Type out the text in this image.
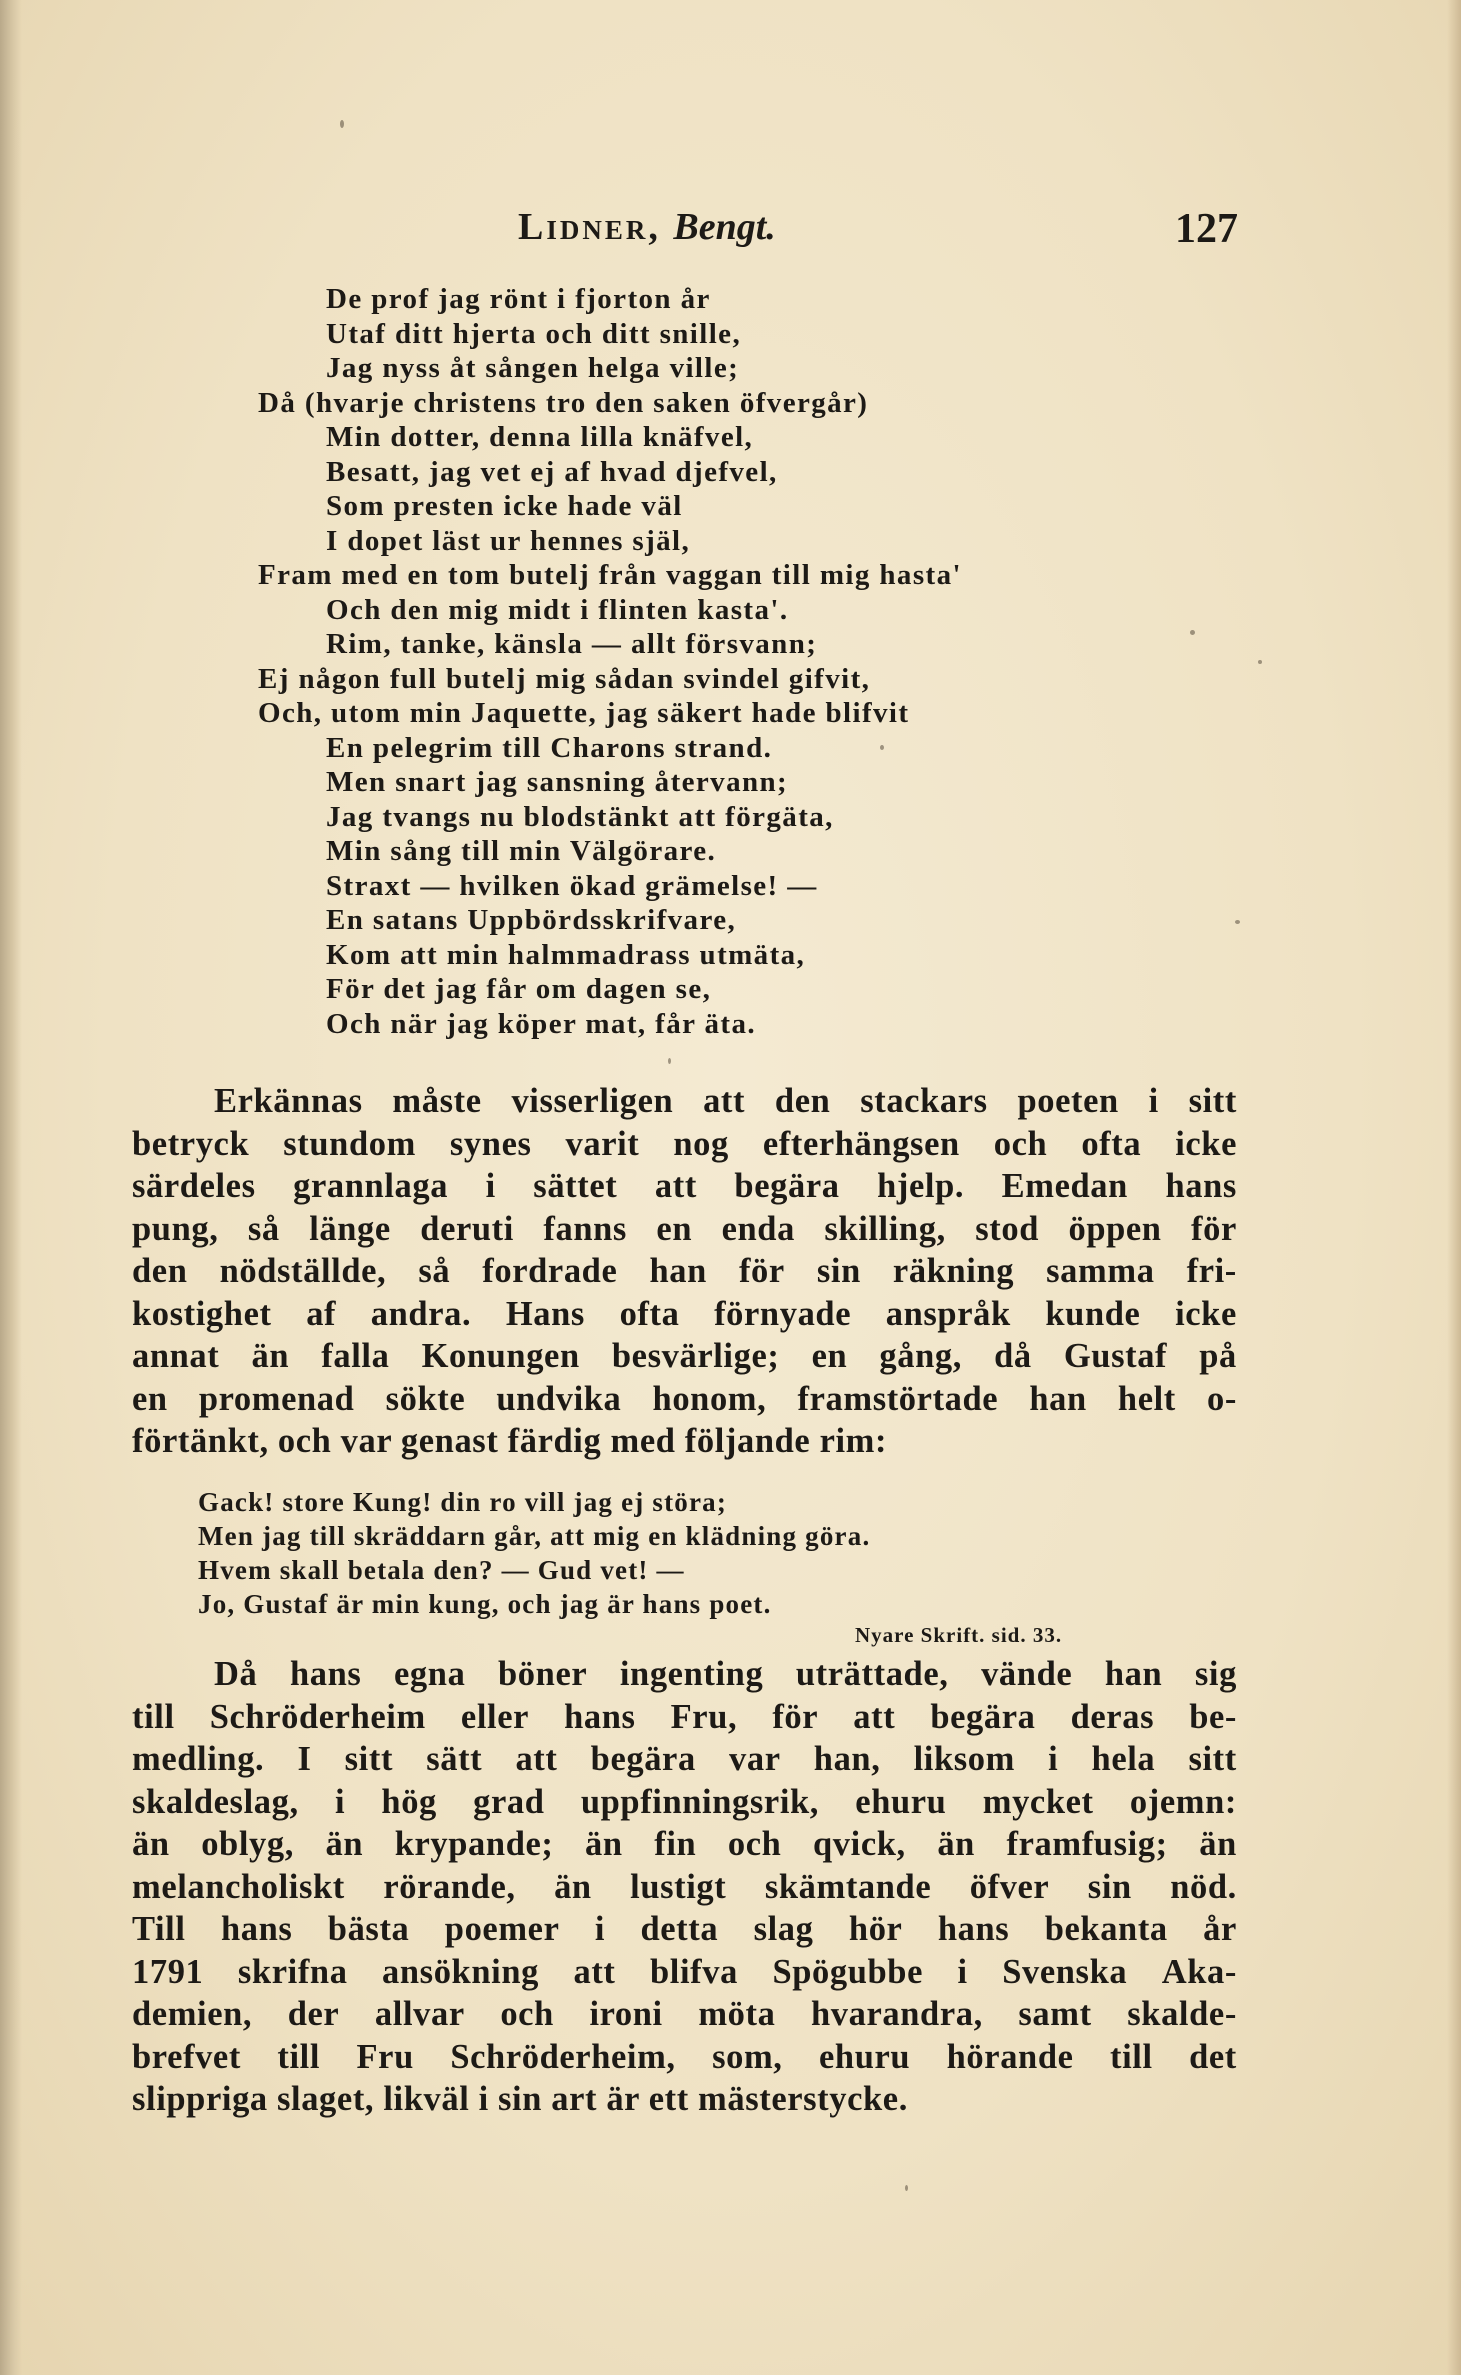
Lidner, Bengt.	127
De prof jag rönt i fjorton år
Utaf ditt hjerta och ditt snille,
Jag nyss åt sången helga ville;
Då (hvarje christens tro den saken öfvergår)
Min dotter, denna lilla knäfvel,
Besatt, jag vet ej af hvad djefvel,
Som presten icke hade väl
I dopet läst ur hennes själ,
Fram med en tom butelj från vaggan till mig hasta'
Och den mig midt i flinten kasta'.
Rim, tanke, känsla — allt försvann;
Ej någon full butelj mig sådan svindel gifvit,
Och, utom min Jaquette, jag säkert hade blifvit
En pelegrim till Charons strand.
Men snart jag sansning återvann;
Jag tvangs nu blodstänkt att förgäta,
Min sång till min Välgörare.
Straxt — hvilken ökad grämelse! —
En satans Uppbördsskrifvare,
Kom att min halmmadrass utmäta,
För det jag får om dagen se,
Och när jag köper mat, får äta.
Erkännas måste visserligen att den stackars poeten i sitt
betryck stundom synes varit nog efterhängsen och ofta icke
särdeles grannlaga i sättet att begära hjelp. Emedan hans
pung, så länge deruti fanns en enda skilling, stod öppen för
den nödställde, så fordrade han för sin räkning samma fri-
kostighet af andra. Hans ofta förnyade anspråk kunde icke
annat än falla Konungen besvärlige; en gång, då Gustaf på
en promenad sökte undvika honom, framstörtade han helt o-
förtänkt, och var genast färdig med följande rim:
Gack! store Kung! din ro vill jag ej störa;
Men jag till skräddarn går, att mig en klädning göra.
Hvem skall betala den? — Gud vet! —
Jo, Gustaf är min kung, och jag är hans poet.
Nyare Skrift. sid. 33.
Då hans egna böner ingenting uträttade, vände han sig
till Schröderheim eller hans Fru, för att begära deras be-
medling. I sitt sätt att begära var han, liksom i hela sitt
skaldeslag, i hög grad uppfinningsrik, ehuru mycket ojemn:
än oblyg, än krypande; än fin och qvick, än framfusig; än
melancholiskt rörande, än lustigt skämtande öfver sin nöd.
Till hans bästa poemer i detta slag hör hans bekanta år
1791 skrifna ansökning att blifva Spögubbe i Svenska Aka-
demien, der allvar och ironi möta hvarandra, samt skalde-
brefvet till Fru Schröderheim, som, ehuru hörande till det
slippriga slaget, likväl i sin art är ett mästerstycke.
